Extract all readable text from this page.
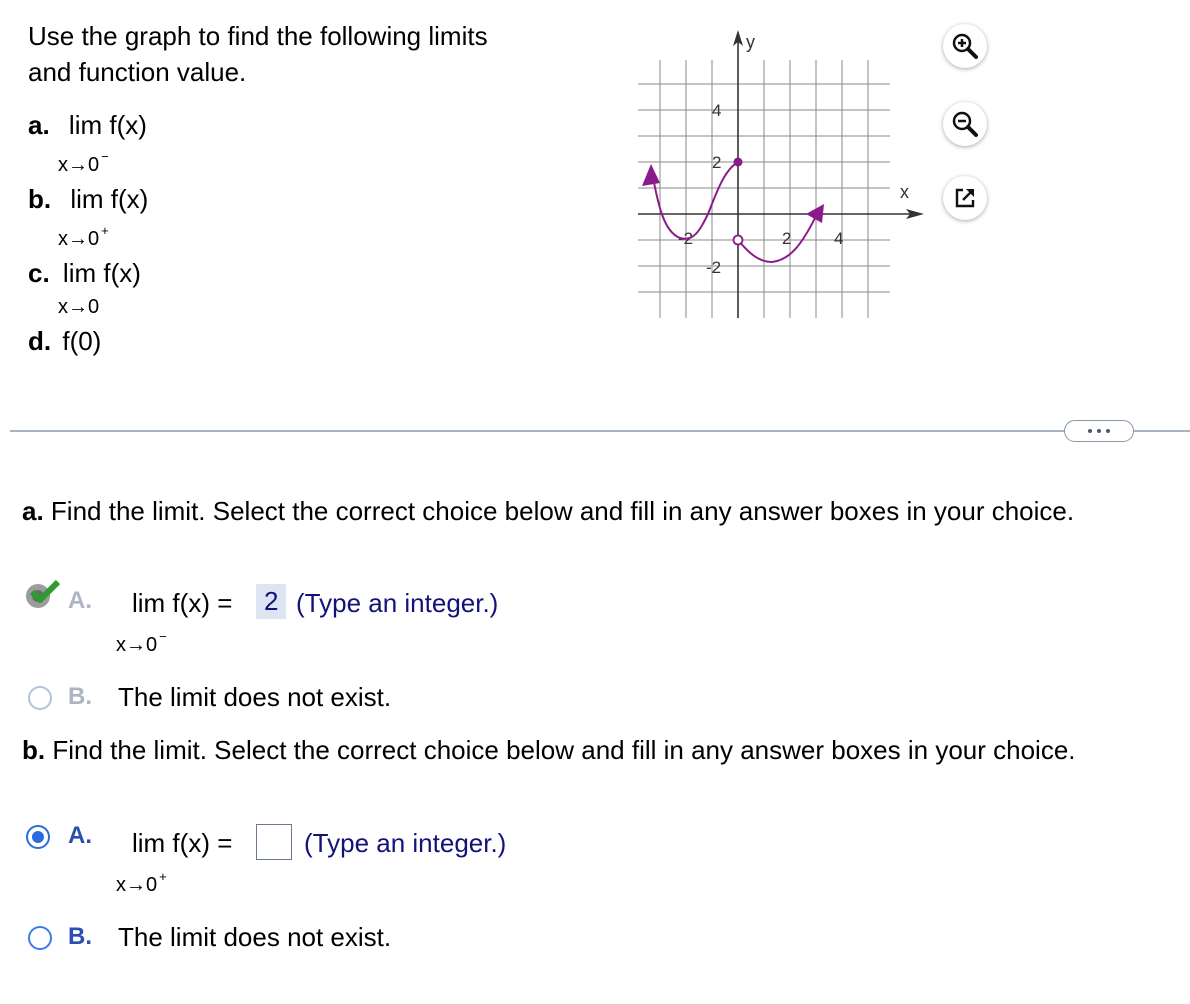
Use the graph to find the following limits
and function value.
a. lim f(x)
x→0 −
b. lim f(x)
x→0 +
c. lim f(x)
x→0
d. f(0)
y
x
4
2
-2
-2	2	4
a. Find the limit. Select the correct choice below and fill in any answer boxes in your choice.
A. lim f(x) =	2 (Type an integer.)
x→0 −
B. The limit does not exist.
b. Find the limit. Select the correct choice below and fill in any answer boxes in your choice.
A. lim f(x) =	(Type an integer.)
x→0 +
B. The limit does not exist.
